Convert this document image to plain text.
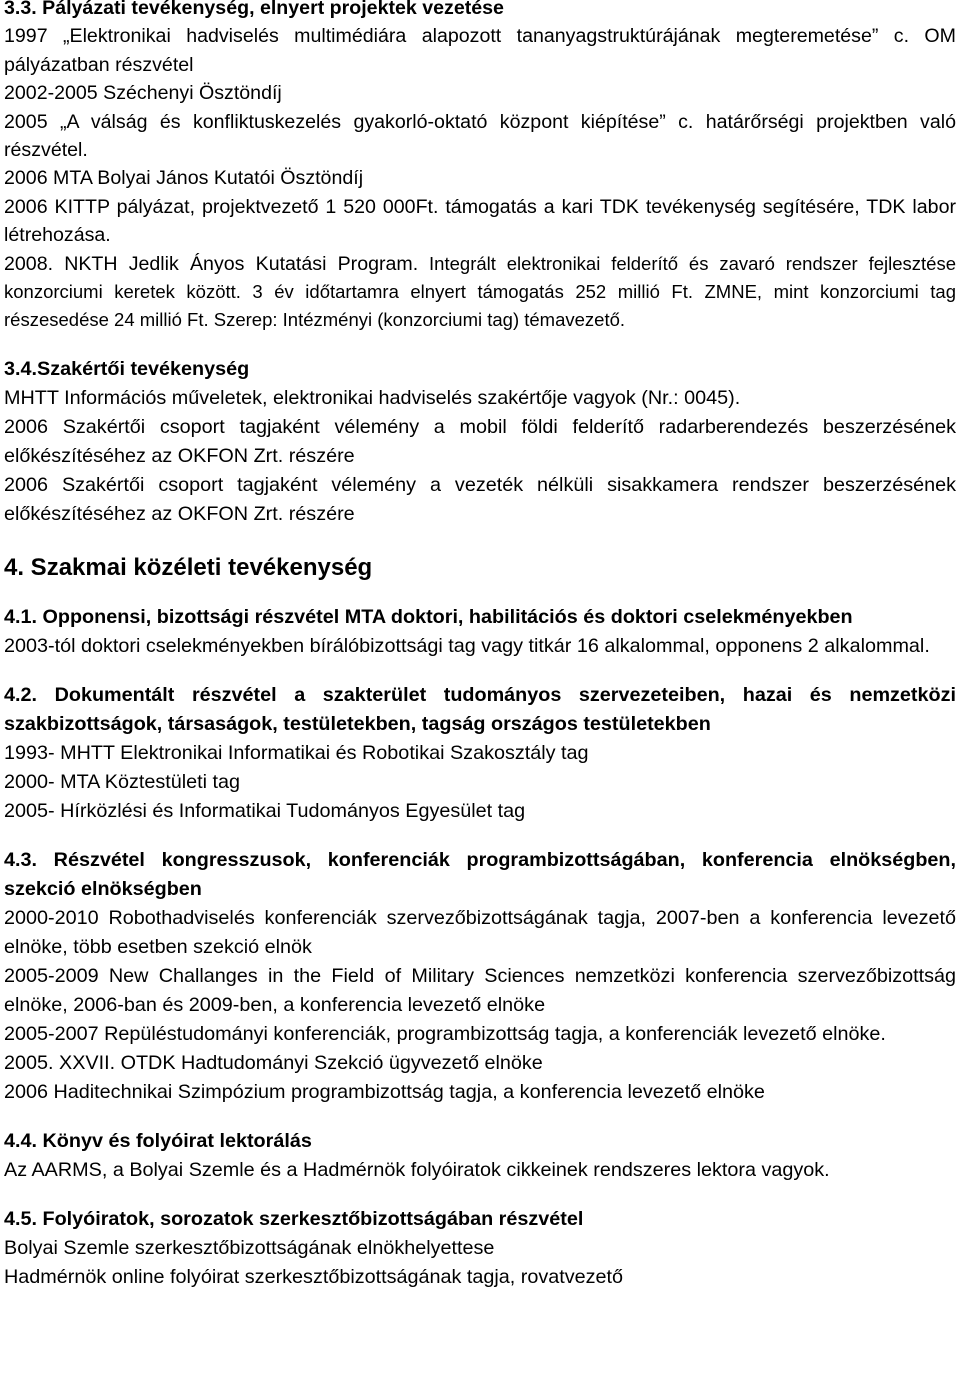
3.3. Pályázati tevékenység, elnyert projektek vezetése

1997 „Elektronikai hadviselés multimédiára alapozott tananyagstruktúrájának megteremetése” c. OM pályázatban részvétel

2002-2005 Széchenyi Ösztöndíj

2005 „A válság és konfliktuskezelés gyakorló-oktató központ kiépítése” c. határőrségi projektben való részvétel.

2006 MTA Bolyai János Kutatói Ösztöndíj

2006 KITTP pályázat, projektvezető 1 520 000Ft. támogatás a kari TDK tevékenység segítésére, TDK labor létrehozása.

2008. NKTH Jedlik Ányos Kutatási Program. Integrált elektronikai felderítő és zavaró rendszer fejlesztése konzorciumi keretek között. 3 év időtartamra elnyert támogatás 252 millió Ft. ZMNE, mint konzorciumi tag részesedése 24 millió Ft. Szerep: Intézményi (konzorciumi tag) témavezető.

3.4.Szakértői tevékenység

MHTT Információs műveletek, elektronikai hadviselés szakértője vagyok (Nr.: 0045).

2006 Szakértői csoport tagjaként vélemény a mobil földi felderítő radarberendezés beszerzésének előkészítéséhez az OKFON Zrt. részére

2006 Szakértői csoport tagjaként vélemény a vezeték nélküli sisakkamera rendszer beszerzésének előkészítéséhez az OKFON Zrt. részére

4. Szakmai közéleti tevékenység

4.1. Opponensi, bizottsági részvétel MTA doktori, habilitációs és doktori cselekményekben

2003-tól doktori cselekményekben bírálóbizottsági tag vagy titkár 16 alkalommal, opponens 2 alkalommal.

4.2. Dokumentált részvétel a szakterület tudományos szervezeteiben, hazai és nemzetközi szakbizottságok, társaságok, testületekben, tagság országos testületekben

1993- MHTT Elektronikai Informatikai és Robotikai Szakosztály tag

2000- MTA Köztestületi tag

2005- Hírközlési és Informatikai Tudományos Egyesület tag

4.3. Részvétel kongresszusok, konferenciák programbizottságában, konferencia elnökségben, szekció elnökségben

2000-2010 Robothadviselés konferenciák szervezőbizottságának tagja, 2007-ben a konferencia levezető elnöke, több esetben szekció elnök

2005-2009 New Challanges in the Field of Military Sciences nemzetközi konferencia szervezőbizottság elnöke, 2006-ban és 2009-ben, a konferencia levezető elnöke

2005-2007 Repüléstudományi konferenciák, programbizottság tagja, a konferenciák levezető elnöke.

2005. XXVII. OTDK Hadtudományi Szekció ügyvezető elnöke

2006 Haditechnikai Szimpózium programbizottság tagja, a konferencia levezető elnöke

4.4. Könyv és folyóirat lektorálás

Az AARMS, a Bolyai Szemle és a Hadmérnök folyóiratok cikkeinek rendszeres lektora vagyok.

4.5. Folyóiratok, sorozatok szerkesztőbizottságában részvétel

Bolyai Szemle szerkesztőbizottságának elnökhelyettese

Hadmérnök online folyóirat szerkesztőbizottságának tagja, rovatvezető
